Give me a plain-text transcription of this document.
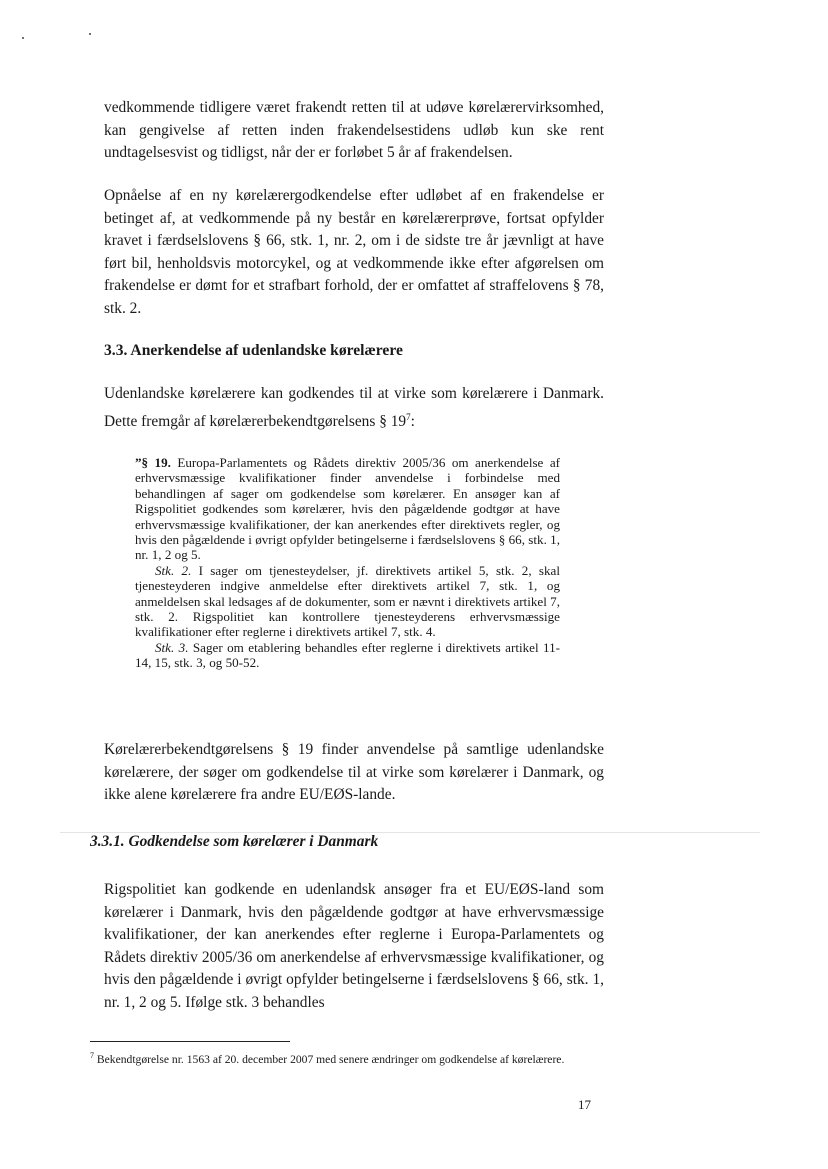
vedkommende tidligere været frakendt retten til at udøve kørelærervirksomhed, kan gengivelse af retten inden frakendelsestidens udløb kun ske rent undtagelsesvist og tidligst, når der er forløbet 5 år af frakendelsen.

Opnåelse af en ny kørelærergodkendelse efter udløbet af en frakendelse er betinget af, at vedkommende på ny består en kørelærerprøve, fortsat opfylder kravet i færdselslovens § 66, stk. 1, nr. 2, om i de sidste tre år jævnligt at have ført bil, henholdsvis motorcykel, og at vedkommende ikke efter afgørelsen om frakendelse er dømt for et strafbart forhold, der er omfattet af straffelovens § 78, stk. 2.

3.3. Anerkendelse af udenlandske kørelærere

Udenlandske kørelærere kan godkendes til at virke som kørelærere i Danmark. Dette fremgår af kørelærerbekendtgørelsens § $19^7$:

”§ 19. Europa-Parlamentets og Rådets direktiv 2005/36 om anerkendelse af erhvervsmæssige kvalifikationer finder anvendelse i forbindelse med behandlingen af sager om godkendelse som kørelærer. En ansøger kan af Rigspolitiet godkendes som kørelærer, hvis den pågældende godtgør at have erhvervsmæssige kvalifikationer, der kan anerkendes efter direktivets regler, og hvis den pågældende i øvrigt opfylder betingelserne i færdselslovens § 66, stk. 1, nr. 1, 2 og 5.

Stk. 2. I sager om tjenesteydelser, jf. direktivets artikel 5, stk. 2, skal tjenesteyderen indgive anmeldelse efter direktivets artikel 7, stk. 1, og anmeldelsen skal ledsages af de dokumenter, som er nævnt i direktivets artikel 7, stk. 2. Rigspolitiet kan kontrollere tjenesteyderens erhvervsmæssige kvalifikationer efter reglerne i direktivets artikel 7, stk. 4.

Stk. 3. Sager om etablering behandles efter reglerne i direktivets artikel 11-14, 15, stk. 3, og 50-52.

Kørelærerbekendtgørelsens § 19 finder anvendelse på samtlige udenlandske kørelærere, der søger om godkendelse til at virke som kørelærer i Danmark, og ikke alene kørelærere fra andre EU/EØS-lande.

3.3.1. Godkendelse som kørelærer i Danmark

Rigspolitiet kan godkende en udenlandsk ansøger fra et EU/EØS-land som kørelærer i Danmark, hvis den pågældende godtgør at have erhvervsmæssige kvalifikationer, der kan anerkendes efter reglerne i Europa-Parlamentets og Rådets direktiv 2005/36 om anerkendelse af erhvervsmæssige kvalifikationer, og hvis den pågældende i øvrigt opfylder betingelserne i færdselslovens § 66, stk. 1, nr. 1, 2 og 5. Ifølge stk. 3 behandles

$^7$ Bekendtgørelse nr. 1563 af 20. december 2007 med senere ændringer om godkendelse af kørelærere.

17
